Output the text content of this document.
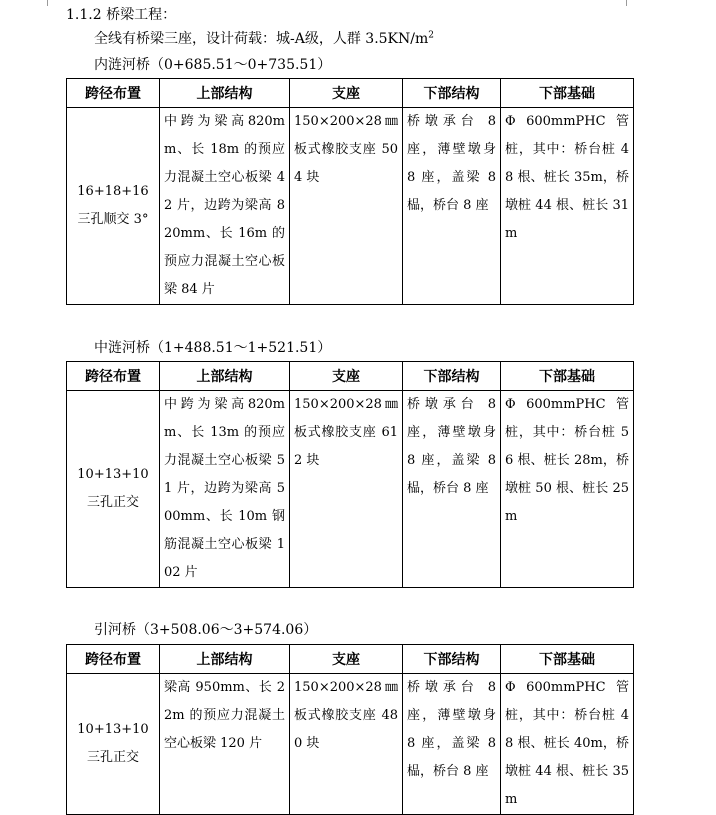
1.1.2 桥梁工程：
全线有桥梁三座，设计荷载：城-A级，人群 $3.5KN/m^2$
内涟河桥（0+685.51～0+735.51）
跨径布置	上部结构	支座	下部结构	下部基础
16+18+16 三孔顺交 3°	中跨为梁高820mm、长 18m 的预应力混凝土空心板梁 42 片，边跨为梁高 820mm、长 16m 的预应力混凝土空心板梁 84 片	150×200×28㎜板式橡胶支座 504 块	桥墩承台 8 座，薄壁墩身 8 座，盖梁 8 榀，桥台 8 座	Φ 600mmPHC 管桩，其中：桥台桩 48 根、桩长 35m，桥墩桩 44 根、桩长 31m
中涟河桥（1+488.51～1+521.51）
跨径布置	上部结构	支座	下部结构	下部基础
10+13+10 三孔正交	中跨为梁高820mm、长 13m 的预应力混凝土空心板梁 51 片，边跨为梁高 500mm、长 10m 钢筋混凝土空心板梁 102 片	150×200×28㎜板式橡胶支座 612 块	桥墩承台 8 座，薄壁墩身 8 座，盖梁 8 榀，桥台 8 座	Φ 600mmPHC 管桩，其中：桥台桩 56 根、桩长 28m，桥墩桩 50 根、桩长 25m
引河桥（3+508.06～3+574.06）
跨径布置	上部结构	支座	下部结构	下部基础
10+13+10 三孔正交	梁高 950mm、长 22m 的预应力混凝土空心板梁 120 片	150×200×28㎜板式橡胶支座 480 块	桥墩承台 8 座，薄壁墩身 8 座，盖梁 8 榀，桥台 8 座	Φ 600mmPHC 管桩，其中：桥台桩 48 根、桩长 40m，桥墩桩 44 根、桩长 35m
